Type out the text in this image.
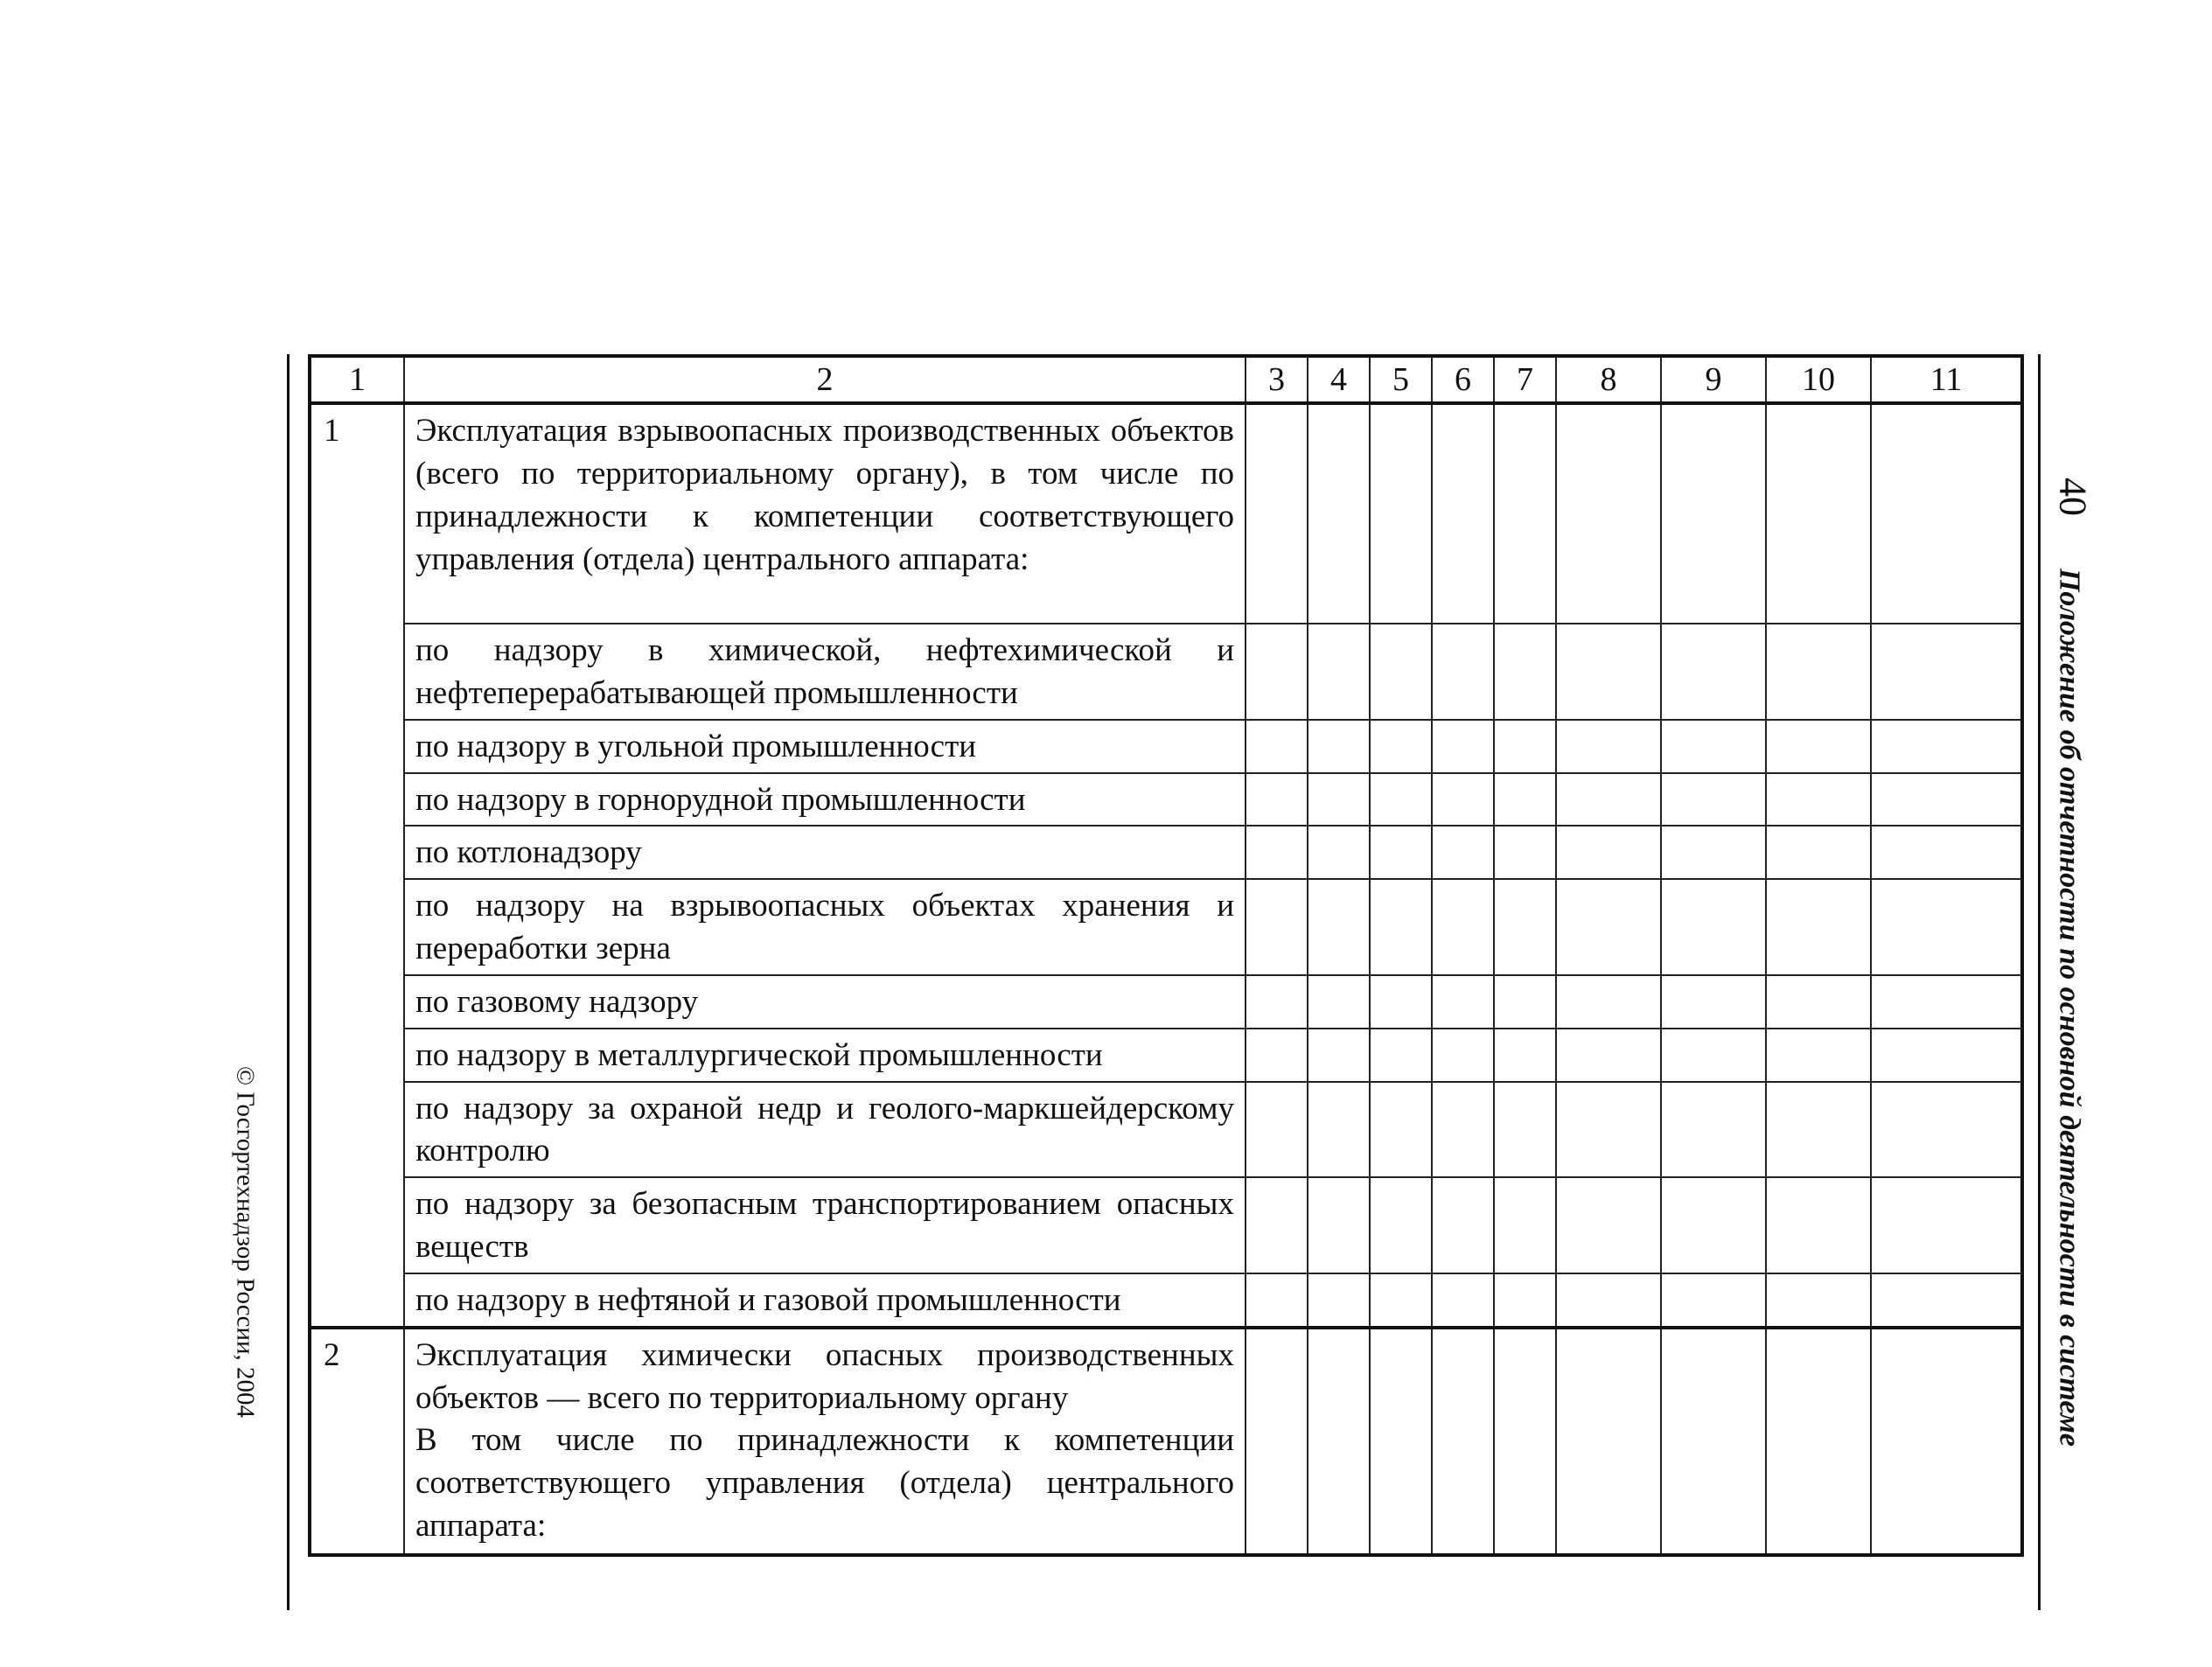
© Госгортехнадзор России, 2004
40
Положение об отчетности по основной деятельности в системе
1	2	3	4	5	6	7	8	9	10	11
1	Эксплуатация взрывоопасных производственных объектов (всего по территориальному органу), в том числе по принадлежности к компетенции соответствующего управления (отдела) центрального аппарата:									

	по надзору в химической, нефтехимической и нефтеперерабатывающей промышленности									

	по надзору в угольной промышленности									

	по надзору в горнорудной промышленности									

	по котлонадзору									

	по надзору на взрывоопасных объектах хранения и переработки зерна									

	по газовому надзору									

	по надзору в металлургической промышленности									

	по надзору за охраной недр и геолого-маркшейдерскому контролю									

	по надзору за безопасным транспортированием опасных веществ									

	по надзору в нефтяной и газовой промышленности									

2	Эксплуатация химически опасных производственных объектов — всего по территориальному органу

В том числе по принадлежности к компетенции соответствующего управления (отдела) центрального аппарата:									
